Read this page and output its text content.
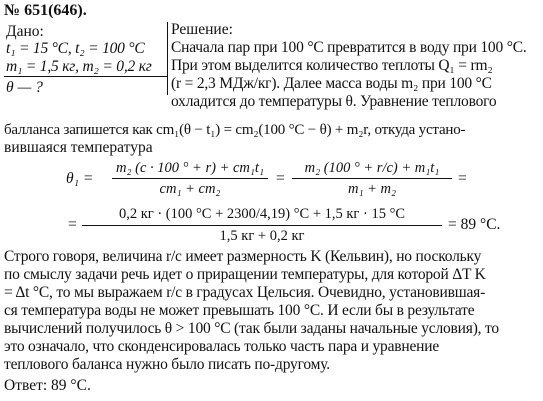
№ 651(646).
Дано:
t₁ = 15 °C, t₂ = 100 °C
m₁ = 1,5 кг, m₂ = 0,2 кг
θ — ?
Решение:
Сначала пар при 100 °C превратится в воду при 100 °C.
При этом выделится количество теплоты Q₁ = rm₂
(r = 2,3 МДж/кг). Далее масса воды m₂ при 100 °C
охладится до температуры θ. Уравнение теплового
балланса запишется как cm₁(θ − t₁) = cm₂(100 °C − θ) + m₂r, откуда устано-
вившаяся температура
θ₁ =
m₂ (c · 100 ° + r) + cm₁t₁
cm₁ + cm₂
=
m₂ (100 ° + r/c) + m₁t₁
m₁ + m₂
=
=
0,2 кг · (100 °C + 2300/4,19) °C + 1,5 кг · 15 °C
1,5 кг + 0,2 кг
= 89 °C.
Строго говоря, величина r/c имеет размерность K (Кельвин), но поскольку
по смыслу задачи речь идет о приращении температуры, для которой ΔT K
= Δt °C, то мы выражаем r/c в градусах Цельсия. Очевидно, установившая-
ся температура воды не может превышать 100 °C. И если бы в результате
вычислений получилось θ > 100 °C (так были заданы начальные условия), то
это означало, что сконденсировалась только часть пара и уравнение
теплового баланса нужно было писать по-другому.
Ответ: 89 °C.
